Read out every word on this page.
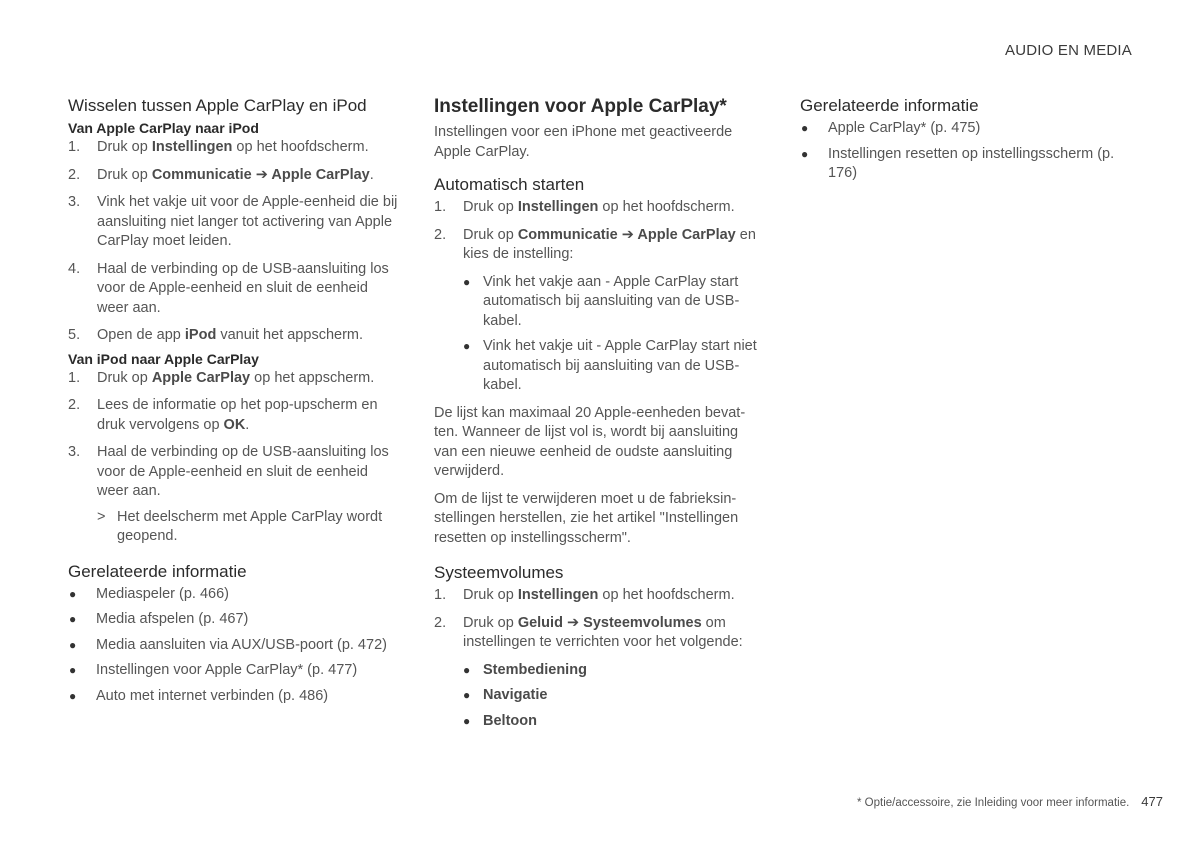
AUDIO EN MEDIA
Wisselen tussen Apple CarPlay en iPod
Van Apple CarPlay naar iPod
1.	Druk op Instellingen op het hoofdscherm.
2.	Druk op Communicatie ➔ Apple CarPlay.
3.	Vink het vakje uit voor de Apple-eenheid die bij aansluiting niet langer tot activering van Apple CarPlay moet leiden.
4.	Haal de verbinding op de USB-aansluiting los voor de Apple-eenheid en sluit de eenheid weer aan.
5.	Open de app iPod vanuit het appscherm.
Van iPod naar Apple CarPlay
1.	Druk op Apple CarPlay op het appscherm.
2.	Lees de informatie op het pop-upscherm en druk vervolgens op OK.
3.	Haal de verbinding op de USB-aansluiting los voor de Apple-eenheid en sluit de eenheid weer aan.
> Het deelscherm met Apple CarPlay wordt geopend.
Gerelateerde informatie
● Mediaspeler (p. 466)
● Media afspelen (p. 467)
● Media aansluiten via AUX/USB-poort (p. 472)
● Instellingen voor Apple CarPlay* (p. 477)
● Auto met internet verbinden (p. 486)
Instellingen voor Apple CarPlay*

Instellingen voor een iPhone met geactiveerde Apple CarPlay.

Automatisch starten
1.	Druk op Instellingen op het hoofdscherm.
2.	Druk op Communicatie ➔ Apple CarPlay en kies de instelling:
● Vink het vakje aan - Apple CarPlay start automatisch bij aansluiting van de USB-kabel.
● Vink het vakje uit - Apple CarPlay start niet automatisch bij aansluiting van de USB-kabel.

De lijst kan maximaal 20 Apple-eenheden bevatten. Wanneer de lijst vol is, wordt bij aansluiting van een nieuwe eenheid de oudste aansluiting verwijderd.

Om de lijst te verwijderen moet u de fabrieksinstellingen herstellen, zie het artikel "Instellingen resetten op instellingsscherm".

Systeemvolumes
1.	Druk op Instellingen op het hoofdscherm.
2.	Druk op Geluid ➔ Systeemvolumes om instellingen te verrichten voor het volgende:
● Stembediening
● Navigatie
● Beltoon
Gerelateerde informatie
● Apple CarPlay* (p. 475)
● Instellingen resetten op instellingsscherm (p. 176)
* Optie/accessoire, zie Inleiding voor meer informatie. 477
